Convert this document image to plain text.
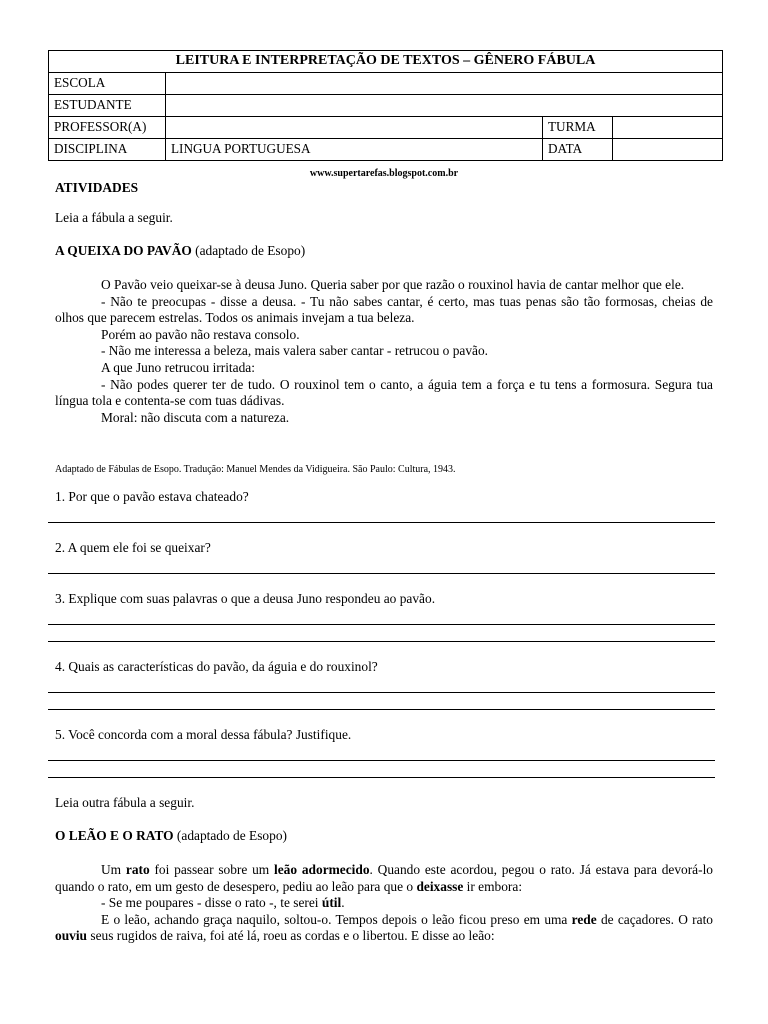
LEITURA E INTERPRETAÇÃO DE TEXTOS – GÊNERO FÁBULA			
ESCOLA			
ESTUDANTE			
PROFESSOR(A)		TURMA	
DISCIPLINA	LINGUA PORTUGUESA	DATA	
www.supertarefas.blogspot.com.br
ATIVIDADES
Leia a fábula a seguir.
A QUEIXA DO PAVÃO (adaptado de Esopo)

O Pavão veio queixar-se à deusa Juno. Queria saber por que razão o rouxinol havia de cantar melhor que ele.

- Não te preocupas - disse a deusa. - Tu não sabes cantar, é certo, mas tuas penas são tão formosas, cheias de olhos que parecem estrelas. Todos os animais invejam a tua beleza.

Porém ao pavão não restava consolo.

- Não me interessa a beleza, mais valera saber cantar - retrucou o pavão.

A que Juno retrucou irritada:

- Não podes querer ter de tudo. O rouxinol tem o canto, a águia tem a força e tu tens a formosura. Segura tua língua tola e contenta-se com tuas dádivas.

Moral: não discuta com a natureza.

Adaptado de Fábulas de Esopo. Tradução: Manuel Mendes da Vidigueira. São Paulo: Cultura, 1943.
1. Por que o pavão estava chateado?
2. A quem ele foi se queixar?
3. Explique com suas palavras o que a deusa Juno respondeu ao pavão.
4. Quais as características do pavão, da águia e do rouxinol?
5. Você concorda com a moral dessa fábula? Justifique.
Leia outra fábula a seguir.
O LEÃO E O RATO (adaptado de Esopo)

Um rato foi passear sobre um leão adormecido. Quando este acordou, pegou o rato. Já estava para devorá-lo quando o rato, em um gesto de desespero, pediu ao leão para que o deixasse ir embora:

- Se me poupares - disse o rato -, te serei útil.

E o leão, achando graça naquilo, soltou-o. Tempos depois o leão ficou preso em uma rede de caçadores. O rato ouviu seus rugidos de raiva, foi até lá, roeu as cordas e o libertou. E disse ao leão:
